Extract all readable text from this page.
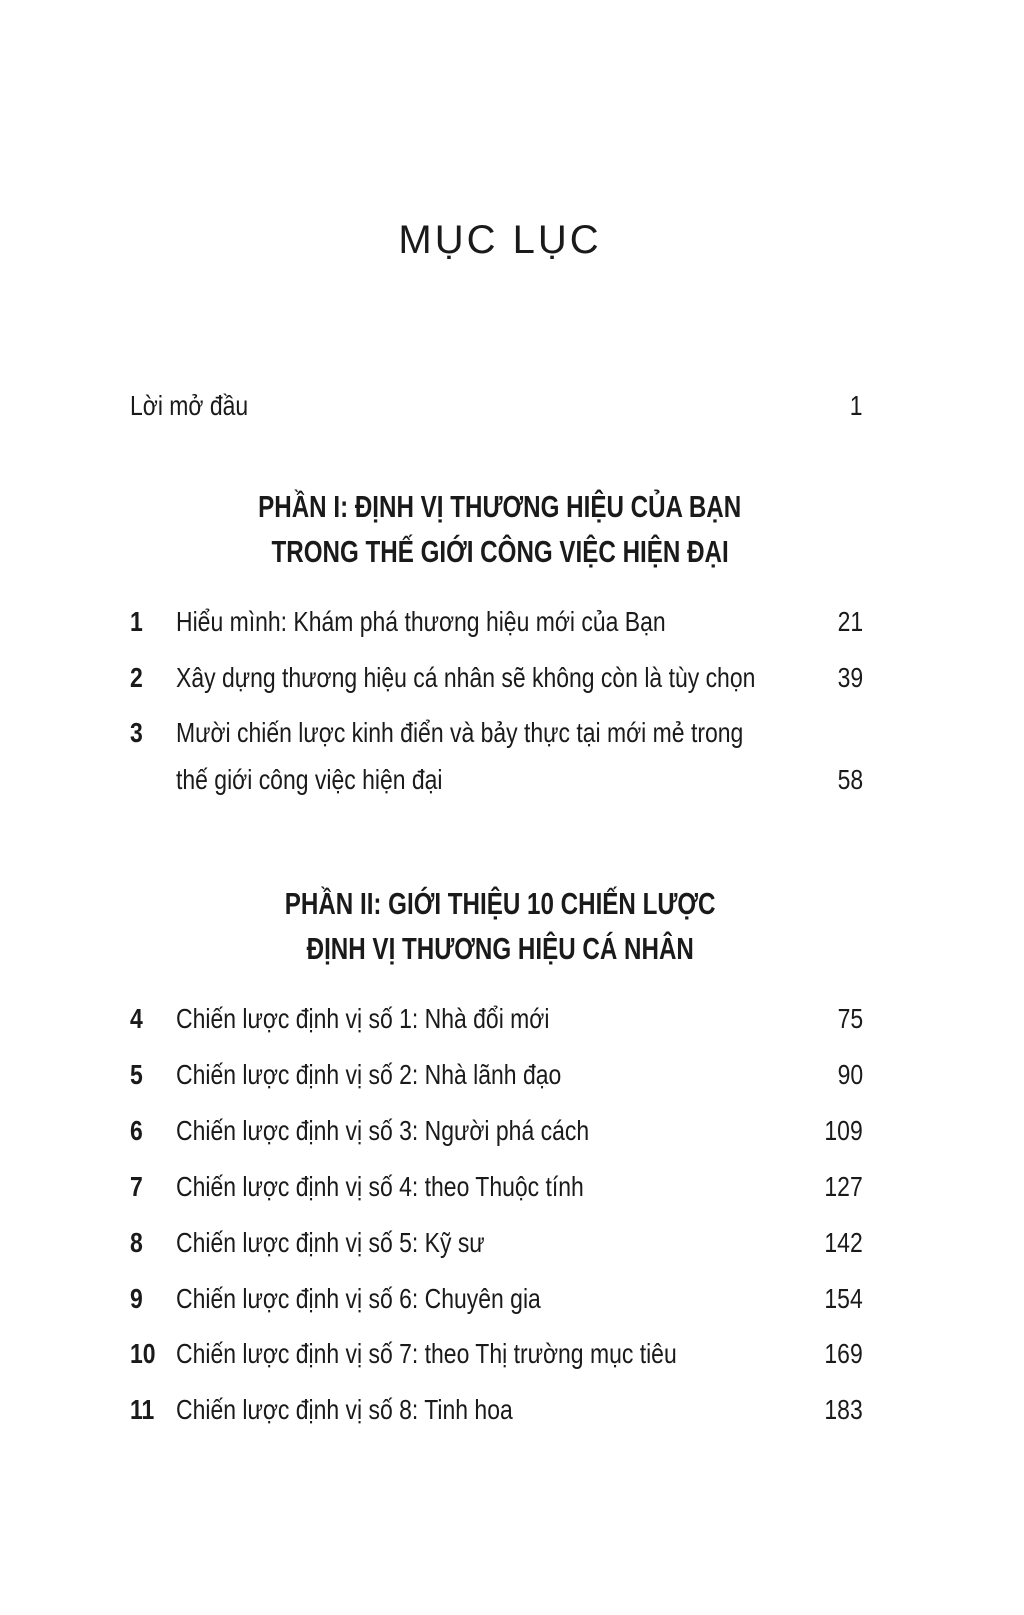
MỤC LỤC
Lời mở đầu	1
PHẦN I: ĐỊNH VỊ THƯƠNG HIỆU CỦA BẠN
TRONG THẾ GIỚI CÔNG VIỆC HIỆN ĐẠI
PHẦN II: GIỚI THIỆU 10 CHIẾN LƯỢC
ĐỊNH VỊ THƯƠNG HIỆU CÁ NHÂN
1 Hiểu mình: Khám phá thương hiệu mới của Bạn	21
2 Xây dựng thương hiệu cá nhân sẽ không còn là tùy chọn	39
3 Mười chiến lược kinh điển và bảy thực tại mới mẻ trong
thế giới công việc hiện đại	58
4 Chiến lược định vị số 1: Nhà đổi mới	75
5 Chiến lược định vị số 2: Nhà lãnh đạo	90
6 Chiến lược định vị số 3: Người phá cách	109
7 Chiến lược định vị số 4: theo Thuộc tính	127
8 Chiến lược định vị số 5: Kỹ sư	142
9 Chiến lược định vị số 6: Chuyên gia	154
10 Chiến lược định vị số 7: theo Thị trường mục tiêu	169
11 Chiến lược định vị số 8: Tinh hoa	183
